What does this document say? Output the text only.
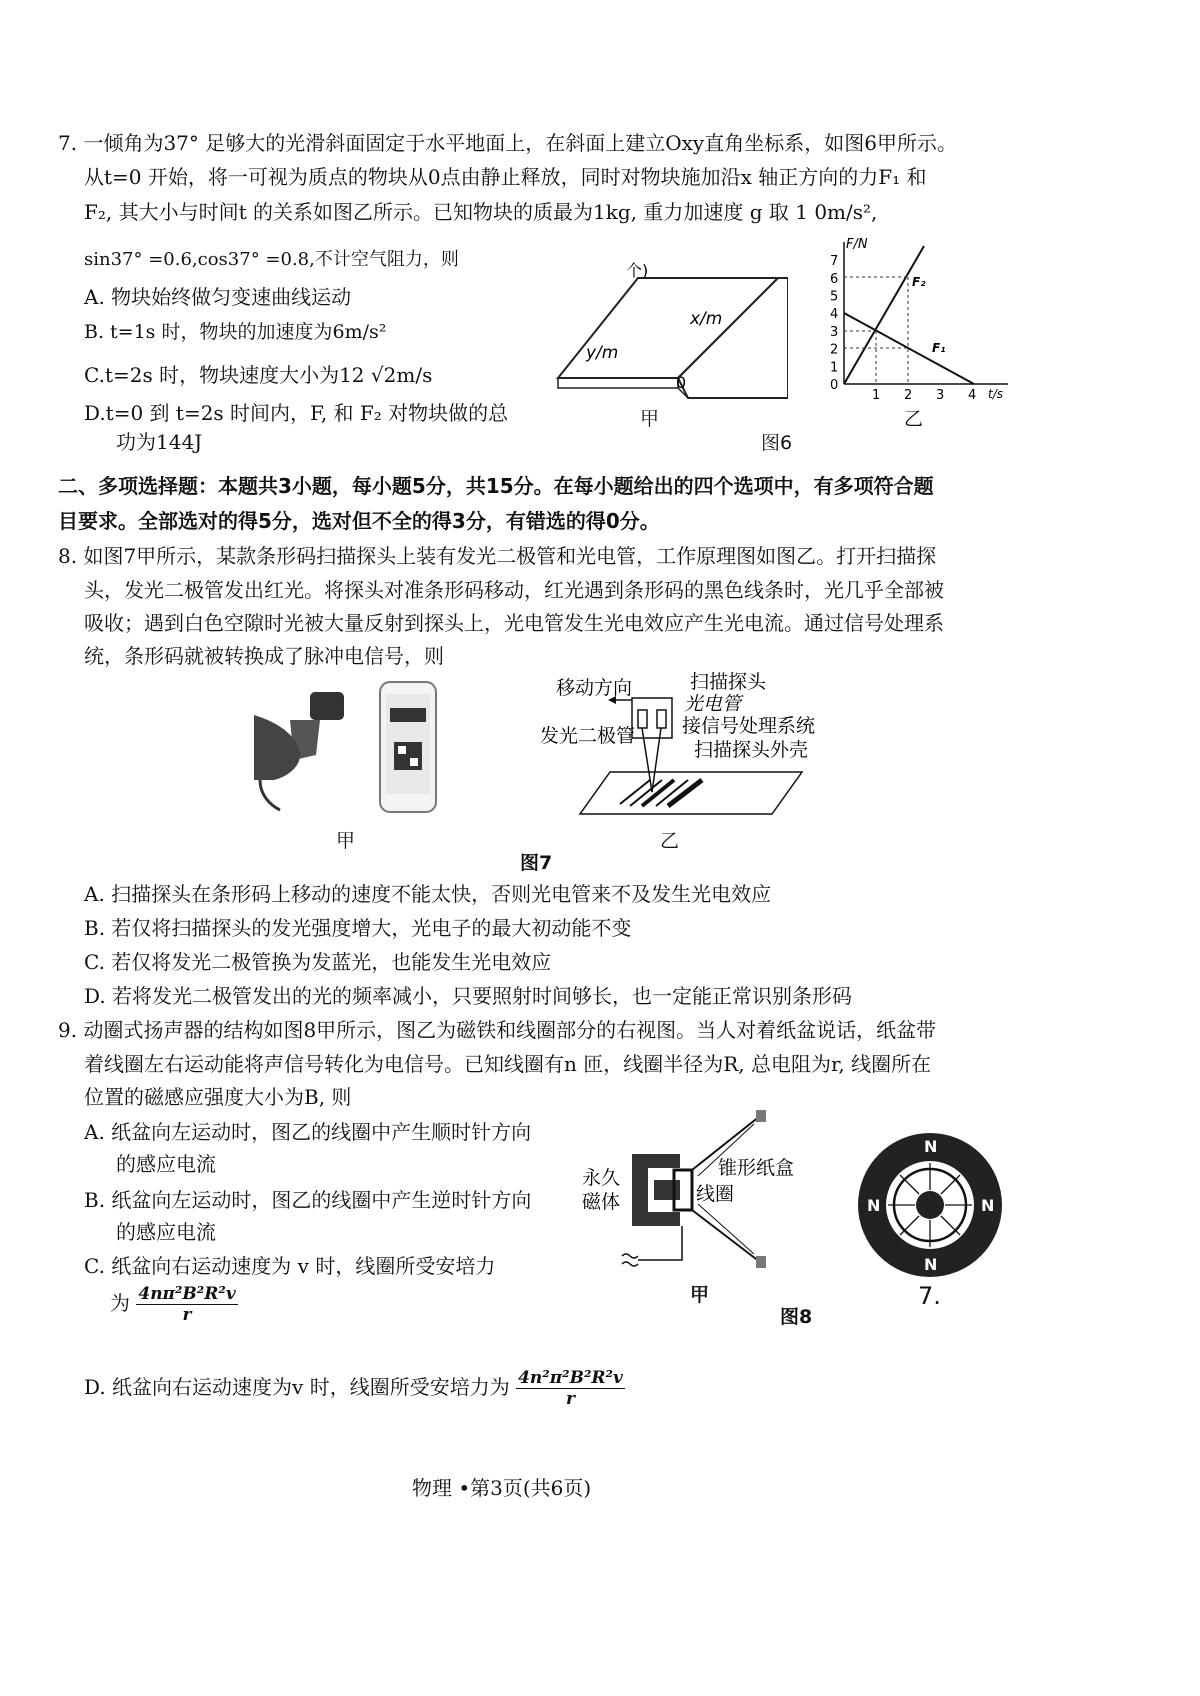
7. 一倾角为37° 足够大的光滑斜面固定于水平地面上，在斜面上建立Oxy直角坐标系，如图6甲所示。
从t=0 开始，将一可视为质点的物块从0点由静止释放，同时对物块施加沿x 轴正方向的力F₁ 和
F₂, 其大小与时间t 的关系如图乙所示。已知物块的质最为1kg, 重力加速度 g 取 1 0m/s²,
sin37° =0.6,cos37° =0.8,不计空气阻力，则
A. 物块始终做匀变速曲线运动
B. t=1s 时，物块的加速度为6m/s²
C.t=2s 时，物块速度大小为12 √2m/s
D.t=0 到 t=2s 时间内，F, 和 F₂ 对物块做的总
功为144J
个)
x/m
y/m
0
甲
F/N
t/s
0
1
2
3
4
5
6
7
1 2 3 4
F₂
F₁
乙
图6
二、多项选择题：本题共3小题，每小题5分，共15分。在每小题给出的四个选项中，有多项符合题
目要求。全部选对的得5分，选对但不全的得3分，有错选的得0分。
8. 如图7甲所示，某款条形码扫描探头上装有发光二极管和光电管，工作原理图如图乙。打开扫描探
头，发光二极管发出红光。将探头对准条形码移动，红光遇到条形码的黑色线条时，光几乎全部被
吸收；遇到白色空隙时光被大量反射到探头上，光电管发生光电效应产生光电流。通过信号处理系
统，条形码就被转换成了脉冲电信号，则
甲
移动方向	扫描探头
光电管
发光二极管 接信号处理系统
扫描探头外壳
乙
图7
A. 扫描探头在条形码上移动的速度不能太快，否则光电管来不及发生光电效应
B. 若仅将扫描探头的发光强度增大，光电子的最大初动能不变
C. 若仅将发光二极管换为发蓝光，也能发生光电效应
D. 若将发光二极管发出的光的频率减小，只要照射时间够长，也一定能正常识别条形码
9. 动圈式扬声器的结构如图8甲所示，图乙为磁铁和线圈部分的右视图。当人对着纸盆说话，纸盆带
着线圈左右运动能将声信号转化为电信号。已知线圈有n 匝，线圈半径为R, 总电阻为r, 线圈所在
位置的磁感应强度大小为B, 则
A. 纸盆向左运动时，图乙的线圈中产生顺时针方向
的感应电流
B. 纸盆向左运动时，图乙的线圈中产生逆时针方向
的感应电流
C. 纸盆向右运动速度为 v 时，线圈所受安培力
为 $\frac{\text{4nπ²B²R²v}}{r}$
D. 纸盆向右运动速度为v 时，线圈所受安培力为 $\frac{\text{4n²π²B²R²v}}{r}$
永久
磁体
锥形纸盒
线圈
甲
N
N
N	N
7.
图8
物理 •第3页(共6页)
